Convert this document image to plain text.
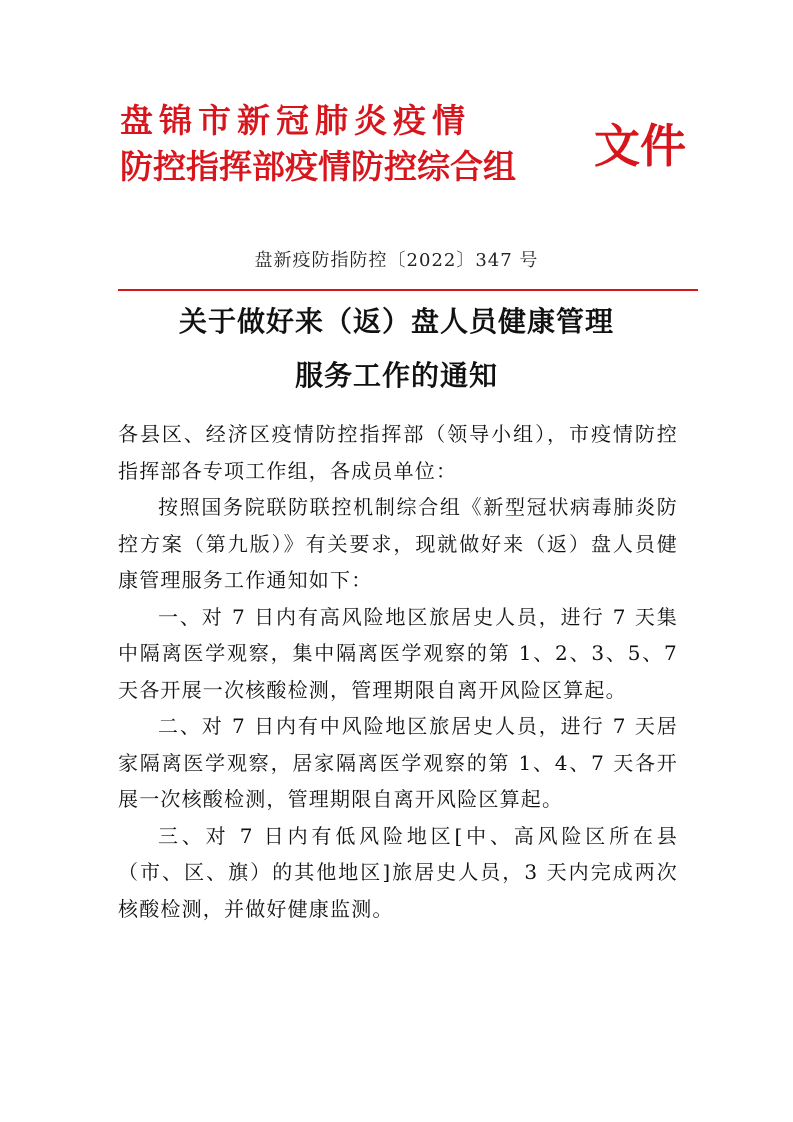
盘锦市新冠肺炎疫情
防控指挥部疫情防控综合组	文件
盘新疫防指防控〔2022〕347 号
关于做好来（返）盘人员健康管理
服务工作的通知

各县区、经济区疫情防控指挥部（领导小组），市疫情防控指挥部各专项工作组，各成员单位：

按照国务院联防联控机制综合组《新型冠状病毒肺炎防控方案（第九版）》有关要求，现就做好来（返）盘人员健康管理服务工作通知如下：

一、对 7 日内有高风险地区旅居史人员，进行 7 天集中隔离医学观察，集中隔离医学观察的第 1、2、3、5、7 天各开展一次核酸检测，管理期限自离开风险区算起。

二、对 7 日内有中风险地区旅居史人员，进行 7 天居家隔离医学观察，居家隔离医学观察的第 1、4、7 天各开展一次核酸检测，管理期限自离开风险区算起。

三、对 7 日内有低风险地区[中、高风险区所在县（市、区、旗）的其他地区]旅居史人员，3 天内完成两次核酸检测，并做好健康监测。
